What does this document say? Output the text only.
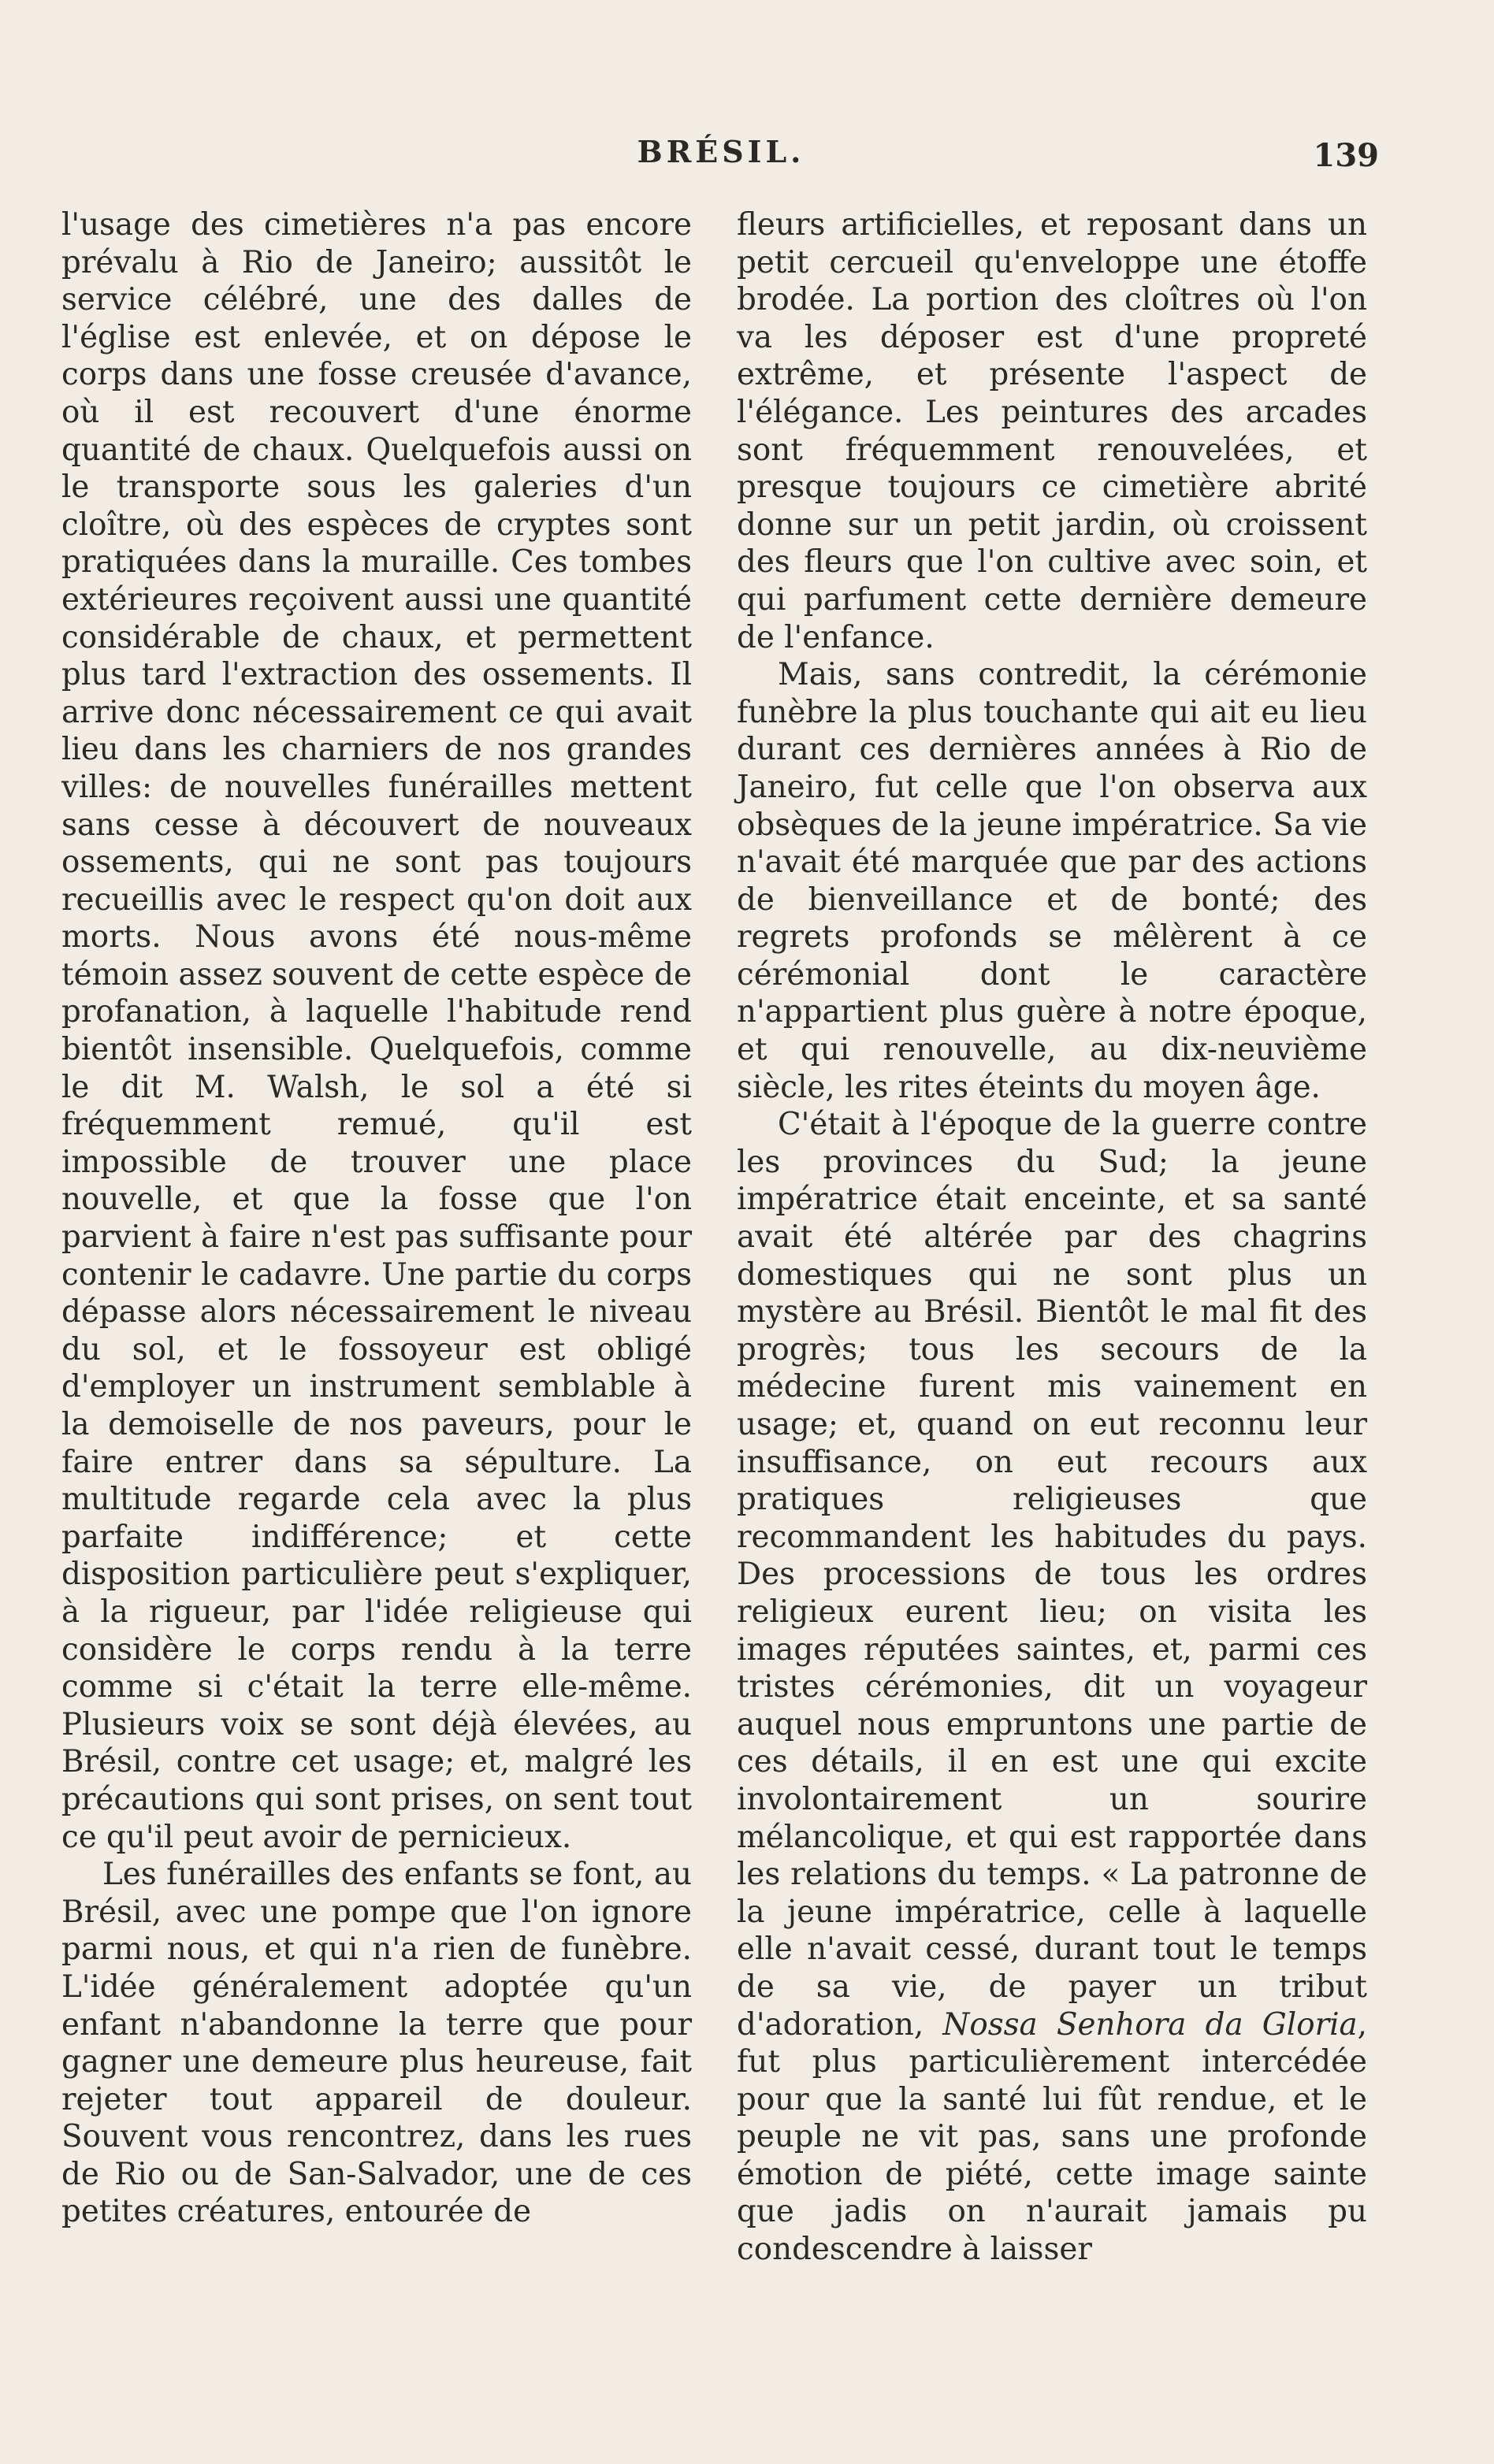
BRÉSIL.	139

l'usage des cimetières n'a pas encore prévalu à Rio de Janeiro; aussitôt le service célébré, une des dalles de l'église est enlevée, et on dépose le corps dans une fosse creusée d'avance, où il est recouvert d'une énorme quantité de chaux. Quelquefois aussi on le transporte sous les galeries d'un cloître, où des espèces de cryptes sont pratiquées dans la muraille. Ces tombes extérieures reçoivent aussi une quantité considérable de chaux, et permettent plus tard l'extraction des ossements. Il arrive donc nécessairement ce qui avait lieu dans les charniers de nos grandes villes: de nouvelles funérailles mettent sans cesse à découvert de nouveaux ossements, qui ne sont pas toujours recueillis avec le respect qu'on doit aux morts. Nous avons été nous-même témoin assez souvent de cette espèce de profanation, à laquelle l'habitude rend bientôt insensible. Quelquefois, comme le dit M. Walsh, le sol a été si fréquemment remué, qu'il est impossible de trouver une place nouvelle, et que la fosse que l'on parvient à faire n'est pas suffisante pour contenir le cadavre. Une partie du corps dépasse alors nécessairement le niveau du sol, et le fossoyeur est obligé d'employer un instrument semblable à la demoiselle de nos paveurs, pour le faire entrer dans sa sépulture. La multitude regarde cela avec la plus parfaite indifférence; et cette disposition particulière peut s'expliquer, à la rigueur, par l'idée religieuse qui considère le corps rendu à la terre comme si c'était la terre elle-même. Plusieurs voix se sont déjà élevées, au Brésil, contre cet usage; et, malgré les précautions qui sont prises, on sent tout ce qu'il peut avoir de pernicieux.

Les funérailles des enfants se font, au Brésil, avec une pompe que l'on ignore parmi nous, et qui n'a rien de funèbre. L'idée généralement adoptée qu'un enfant n'abandonne la terre que pour gagner une demeure plus heureuse, fait rejeter tout appareil de douleur. Souvent vous rencontrez, dans les rues de Rio ou de San-Salvador, une de ces petites créatures, entourée de

fleurs artificielles, et reposant dans un petit cercueil qu'enveloppe une étoffe brodée. La portion des cloîtres où l'on va les déposer est d'une propreté extrême, et présente l'aspect de l'élégance. Les peintures des arcades sont fréquemment renouvelées, et presque toujours ce cimetière abrité donne sur un petit jardin, où croissent des fleurs que l'on cultive avec soin, et qui parfument cette dernière demeure de l'enfance.

Mais, sans contredit, la cérémonie funèbre la plus touchante qui ait eu lieu durant ces dernières années à Rio de Janeiro, fut celle que l'on observa aux obsèques de la jeune impératrice. Sa vie n'avait été marquée que par des actions de bienveillance et de bonté; des regrets profonds se mêlèrent à ce cérémonial dont le caractère n'appartient plus guère à notre époque, et qui renouvelle, au dix-neuvième siècle, les rites éteints du moyen âge.

C'était à l'époque de la guerre contre les provinces du Sud; la jeune impératrice était enceinte, et sa santé avait été altérée par des chagrins domestiques qui ne sont plus un mystère au Brésil. Bientôt le mal fit des progrès; tous les secours de la médecine furent mis vainement en usage; et, quand on eut reconnu leur insuffisance, on eut recours aux pratiques religieuses que recommandent les habitudes du pays. Des processions de tous les ordres religieux eurent lieu; on visita les images réputées saintes, et, parmi ces tristes cérémonies, dit un voyageur auquel nous empruntons une partie de ces détails, il en est une qui excite involontairement un sourire mélancolique, et qui est rapportée dans les relations du temps. « La patronne de la jeune impératrice, celle à laquelle elle n'avait cessé, durant tout le temps de sa vie, de payer un tribut d'adoration, Nossa Senhora da Gloria, fut plus particulièrement intercédée pour que la santé lui fût rendue, et le peuple ne vit pas, sans une profonde émotion de piété, cette image sainte que jadis on n'aurait jamais pu condescendre à laisser
